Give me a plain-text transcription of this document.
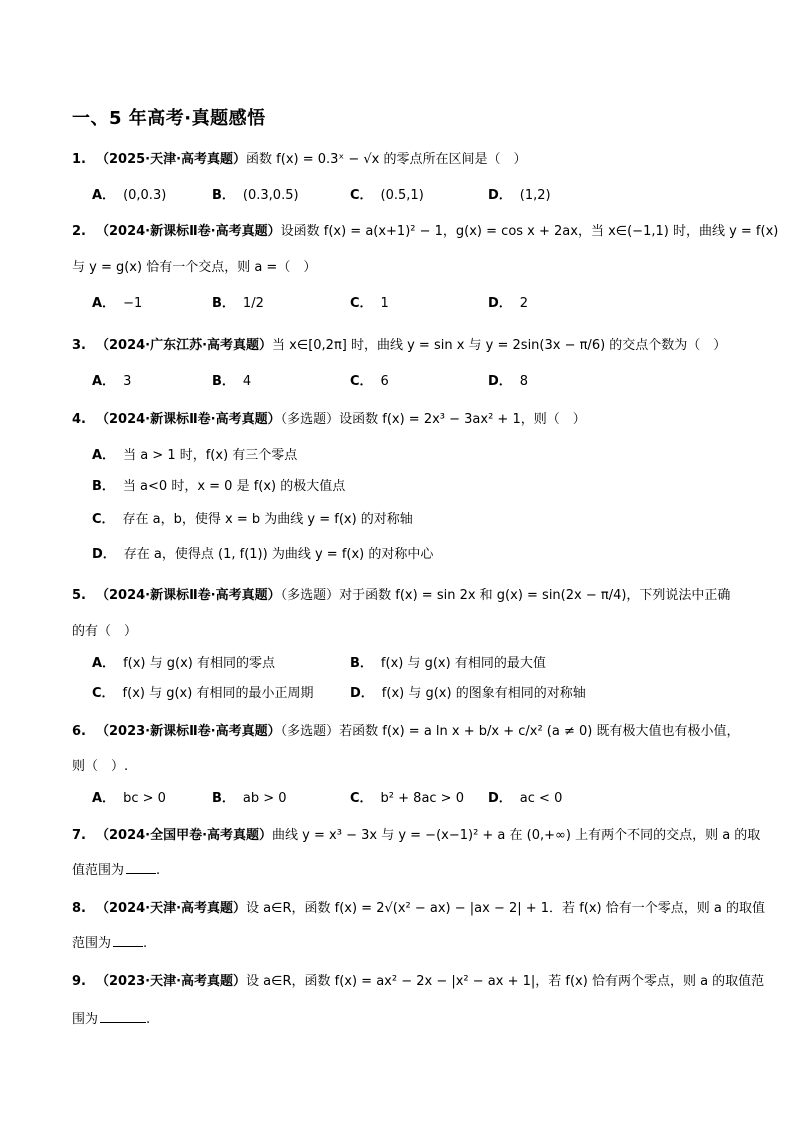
一、5 年高考·真题感悟
1. （2025·天津·高考真题）函数 f(x) = 0.3ˣ − √x 的零点所在区间是（　）
A． (0,0.3)	B． (0.3,0.5)	C． (0.5,1)	D． (1,2)
2. （2024·新课标Ⅱ卷·高考真题）设函数 f(x) = a(x+1)² − 1，g(x) = cos x + 2ax，当 x∈(−1,1) 时，曲线 y = f(x)
与 y = g(x) 恰有一个交点，则 a =（　）
A． −1	B． 1/2	C． 1	D． 2
3. （2024·广东江苏·高考真题）当 x∈[0,2π] 时，曲线 y = sin x 与 y = 2sin(3x − π/6) 的交点个数为（　）
A． 3	B． 4	C． 6	D． 8
4. （2024·新课标Ⅱ卷·高考真题）（多选题）设函数 f(x) = 2x³ − 3ax² + 1，则（　）
A． 当 a > 1 时，f(x) 有三个零点
B． 当 a<0 时，x = 0 是 f(x) 的极大值点
C． 存在 a，b，使得 x = b 为曲线 y = f(x) 的对称轴
D． 存在 a，使得点 (1, f(1)) 为曲线 y = f(x) 的对称中心
5. （2024·新课标Ⅱ卷·高考真题）（多选题）对于函数 f(x) = sin 2x 和 g(x) = sin(2x − π/4)，下列说法中正确
的有（　）
A． f(x) 与 g(x) 有相同的零点	B． f(x) 与 g(x) 有相同的最大值
C． f(x) 与 g(x) 有相同的最小正周期	D． f(x) 与 g(x) 的图象有相同的对称轴
6. （2023·新课标Ⅱ卷·高考真题）（多选题）若函数 f(x) = a ln x + b/x + c/x² (a ≠ 0) 既有极大值也有极小值，
则（　）.
A． bc > 0	B． ab > 0	C． b² + 8ac > 0 D． ac < 0
7. （2024·全国甲卷·高考真题）曲线 y = x³ − 3x 与 y = −(x−1)² + a 在 (0,+∞) 上有两个不同的交点，则 a 的取
值范围为 .
8. （2024·天津·高考真题）设 a∈R，函数 f(x) = 2√(x² − ax) − |ax − 2| + 1．若 f(x) 恰有一个零点，则 a 的取值
范围为 .
9. （2023·天津·高考真题）设 a∈R，函数 f(x) = ax² − 2x − |x² − ax + 1|，若 f(x) 恰有两个零点，则 a 的取值范
围为	.
